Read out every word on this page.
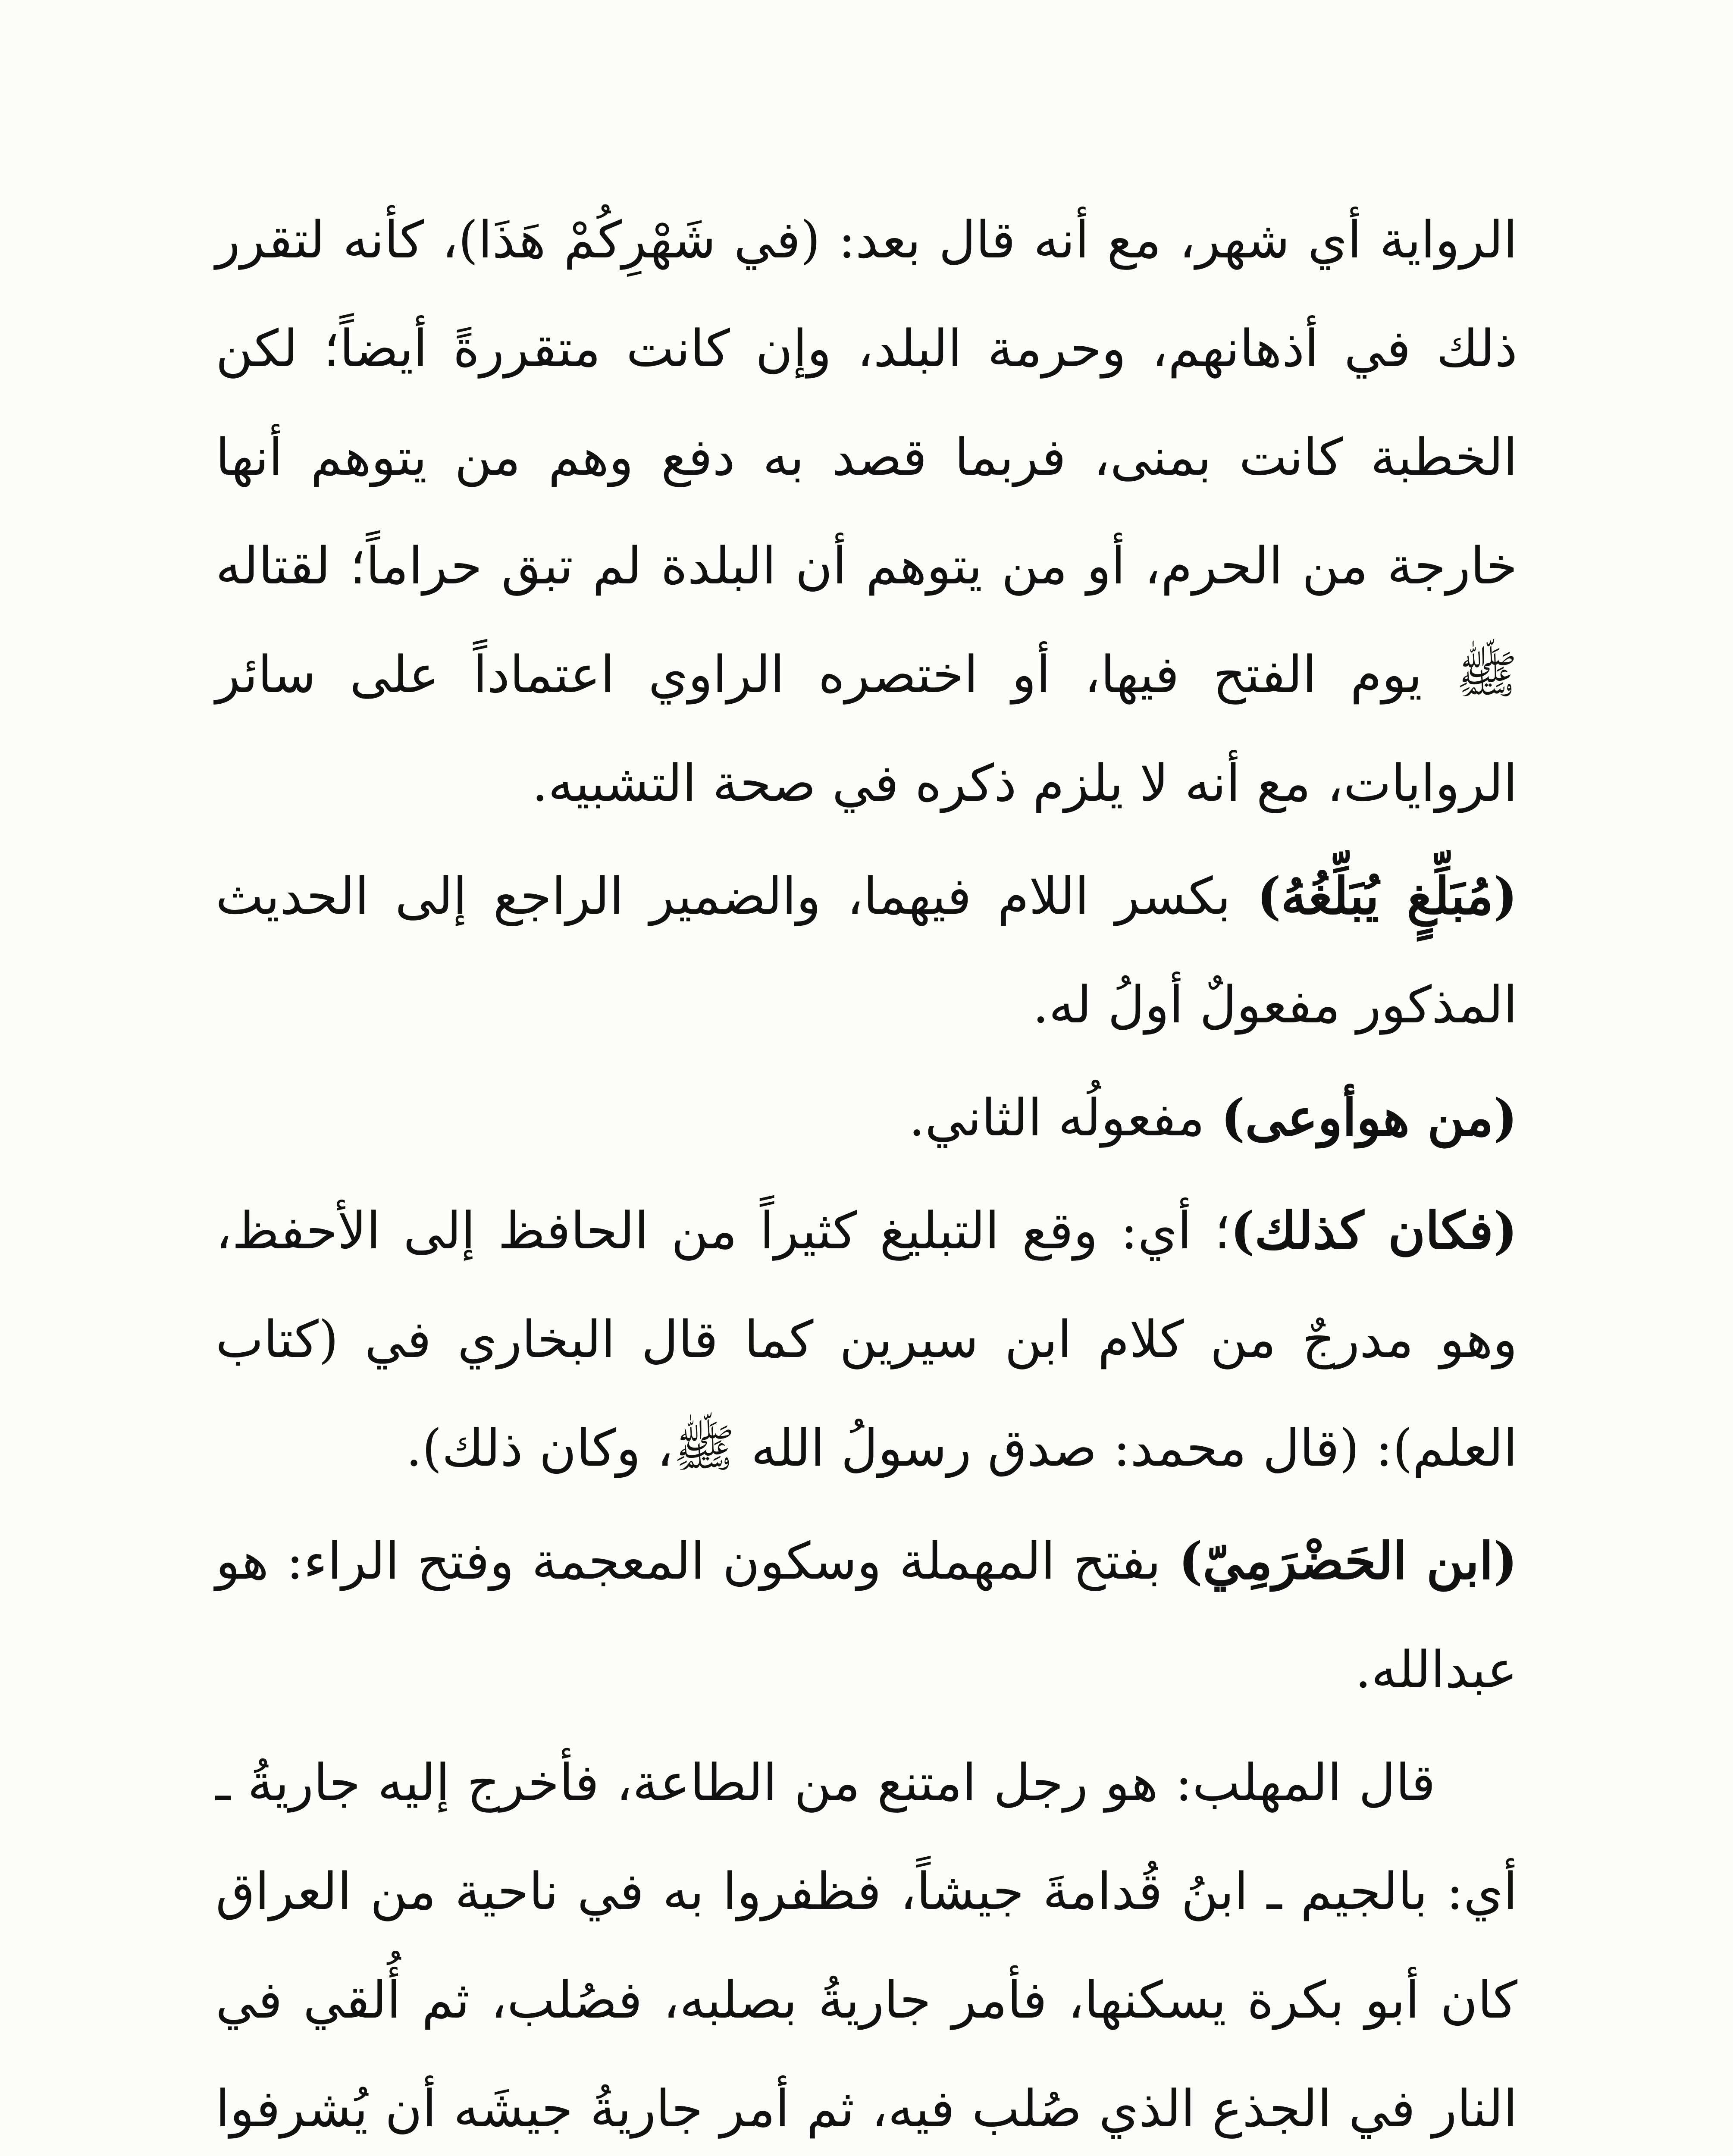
الرواية أي شهر، مع أنه قال بعد: (في شَهْرِكُمْ هَذَا)، كأنه لتقرر ذلك في أذهانهم، وحرمة البلد، وإن كانت متقررةً أيضاً؛ لكن الخطبة كانت بمنى، فربما قصد به دفع وهم من يتوهم أنها خارجة من الحرم، أو من يتوهم أن البلدة لم تبق حراماً؛ لقتاله ﷺ يوم الفتح فيها، أو اختصره الراوي اعتماداً على سائر الروايات، مع أنه لا يلزم ذكره في صحة التشبيه.

(مُبَلِّغٍ يُبَلِّغُهُ) بكسر اللام فيهما، والضمير الراجع إلى الحديث المذكور مفعولٌ أولُ له.

(من هوأوعى) مفعولُه الثاني.

(فكان كذلك)؛ أي: وقع التبليغ كثيراً من الحافظ إلى الأحفظ، وهو مدرجٌ من كلام ابن سيرين كما قال البخاري في (كتاب العلم): (قال محمد: صدق رسولُ الله ﷺ، وكان ذلك).

(ابن الحَضْرَمِيّ) بفتح المهملة وسكون المعجمة وفتح الراء: هو عبدالله.

قال المهلب: هو رجل امتنع من الطاعة، فأخرج إليه جاريةُ ـ أي: بالجيم ـ ابنُ قُدامةَ جيشاً، فظفروا به في ناحية من العراق كان أبو بكرة يسكنها، فأمر جاريةُ بصلبه، فصُلب، ثم أُلقي في النار في الجذع الذي صُلب فيه، ثم أمر جاريةُ جيشَه أن يُشرفوا
